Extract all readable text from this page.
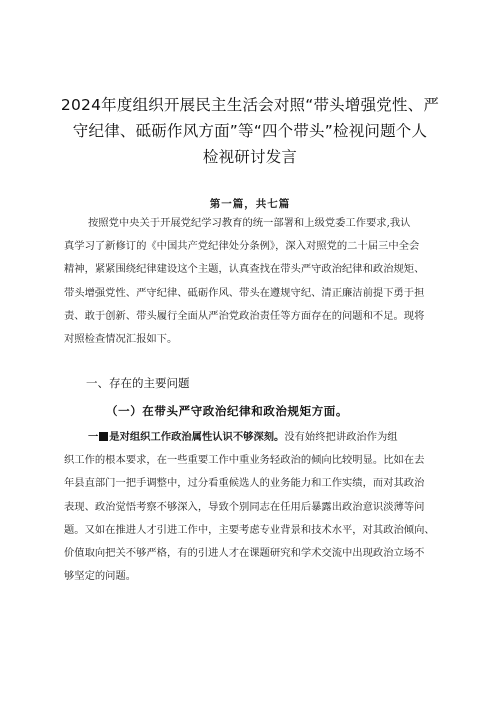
2024年度组织开展民主生活会对照“带头增强党性、严
守纪律、砥砺作风方面”等“四个带头”检视问题个人
检视研讨发言
第一篇，共七篇
按照党中央关于开展党纪学习教育的统一部署和上级党委工作要求,我认
真学习了新修订的《中国共产党纪律处分条例》，深入对照党的二十届三中全会
精神，紧紧围绕纪律建设这个主题，认真查找在带头严守政治纪律和政治规矩、
带头增强党性、严守纪律、砥砺作风、带头在遵规守纪、清正廉洁前提下勇于担
责、敢于创新、带头履行全面从严治党政治责任等方面存在的问题和不足。现将
对照检查情况汇报如下。
一、存在的主要问题
（一）在带头严守政治纪律和政治规矩方面。
一 是对组织工作政治属性认识不够深刻。没有始终把讲政治作为组
织工作的根本要求，在一些重要工作中重业务轻政治的倾向比较明显。比如在去
年县直部门一把手调整中，过分看重候选人的业务能力和工作实绩，而对其政治
表现、政治觉悟考察不够深入，导致个别同志在任用后暴露出政治意识淡薄等问
题。又如在推进人才引进工作中，主要考虑专业背景和技术水平，对其政治倾向、
价值取向把关不够严格，有的引进人才在课题研究和学术交流中出现政治立场不
够坚定的问题。
